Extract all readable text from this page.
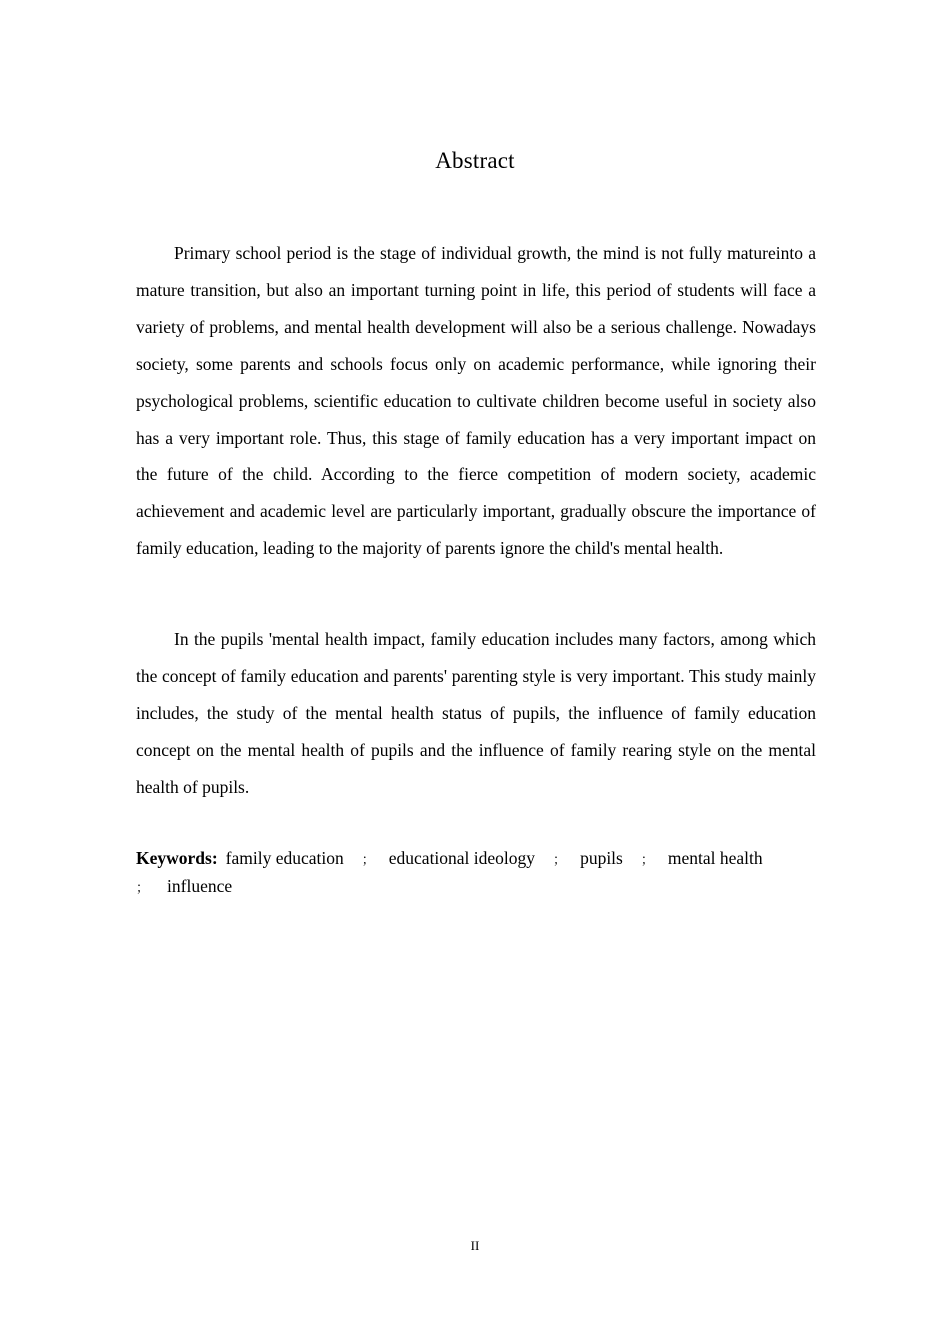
Abstract

Primary school period is the stage of individual growth, the mind is not fully matureinto a mature transition, but also an important turning point in life, this period of students will face a variety of problems, and mental health development will also be a serious challenge. Nowadays society, some parents and schools focus only on academic performance, while ignoring their psychological problems, scientific education to cultivate children become useful in society also has a very important role. Thus, this stage of family education has a very important impact on the future of the child. According to the fierce competition of modern society, academic achievement and academic level are particularly important, gradually obscure the importance of family education, leading to the majority of parents ignore the child's mental health.

In the pupils 'mental health impact, family education includes many factors, among which the concept of family education and parents' parenting style is very important. This study mainly includes, the study of the mental health status of pupils, the influence of family education concept on the mental health of pupils and the influence of family rearing style on the mental health of pupils.

Keywords: family education ； educational ideology ； pupils ； mental health
； influence
II
